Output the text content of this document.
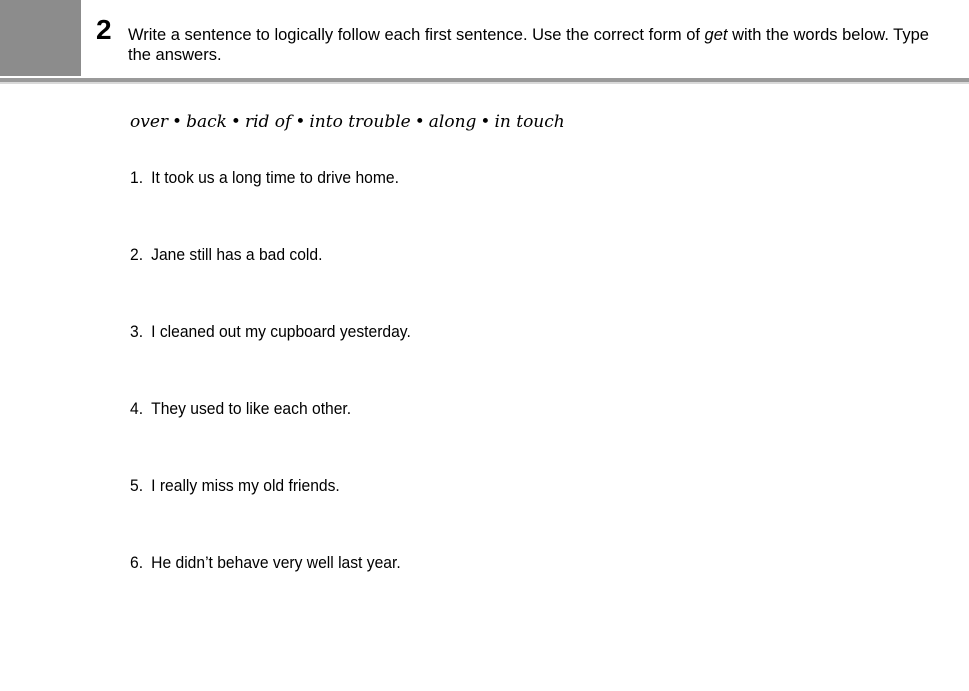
2 Write a sentence to logically follow each first sentence. Use the correct form of get with the words below. Type the answers.
over • back • rid of • into trouble • along • in touch
1. It took us a long time to drive home.
2. Jane still has a bad cold.
3. I cleaned out my cupboard yesterday.
4. They used to like each other.
5. I really miss my old friends.
6. He didn’t behave very well last year.
